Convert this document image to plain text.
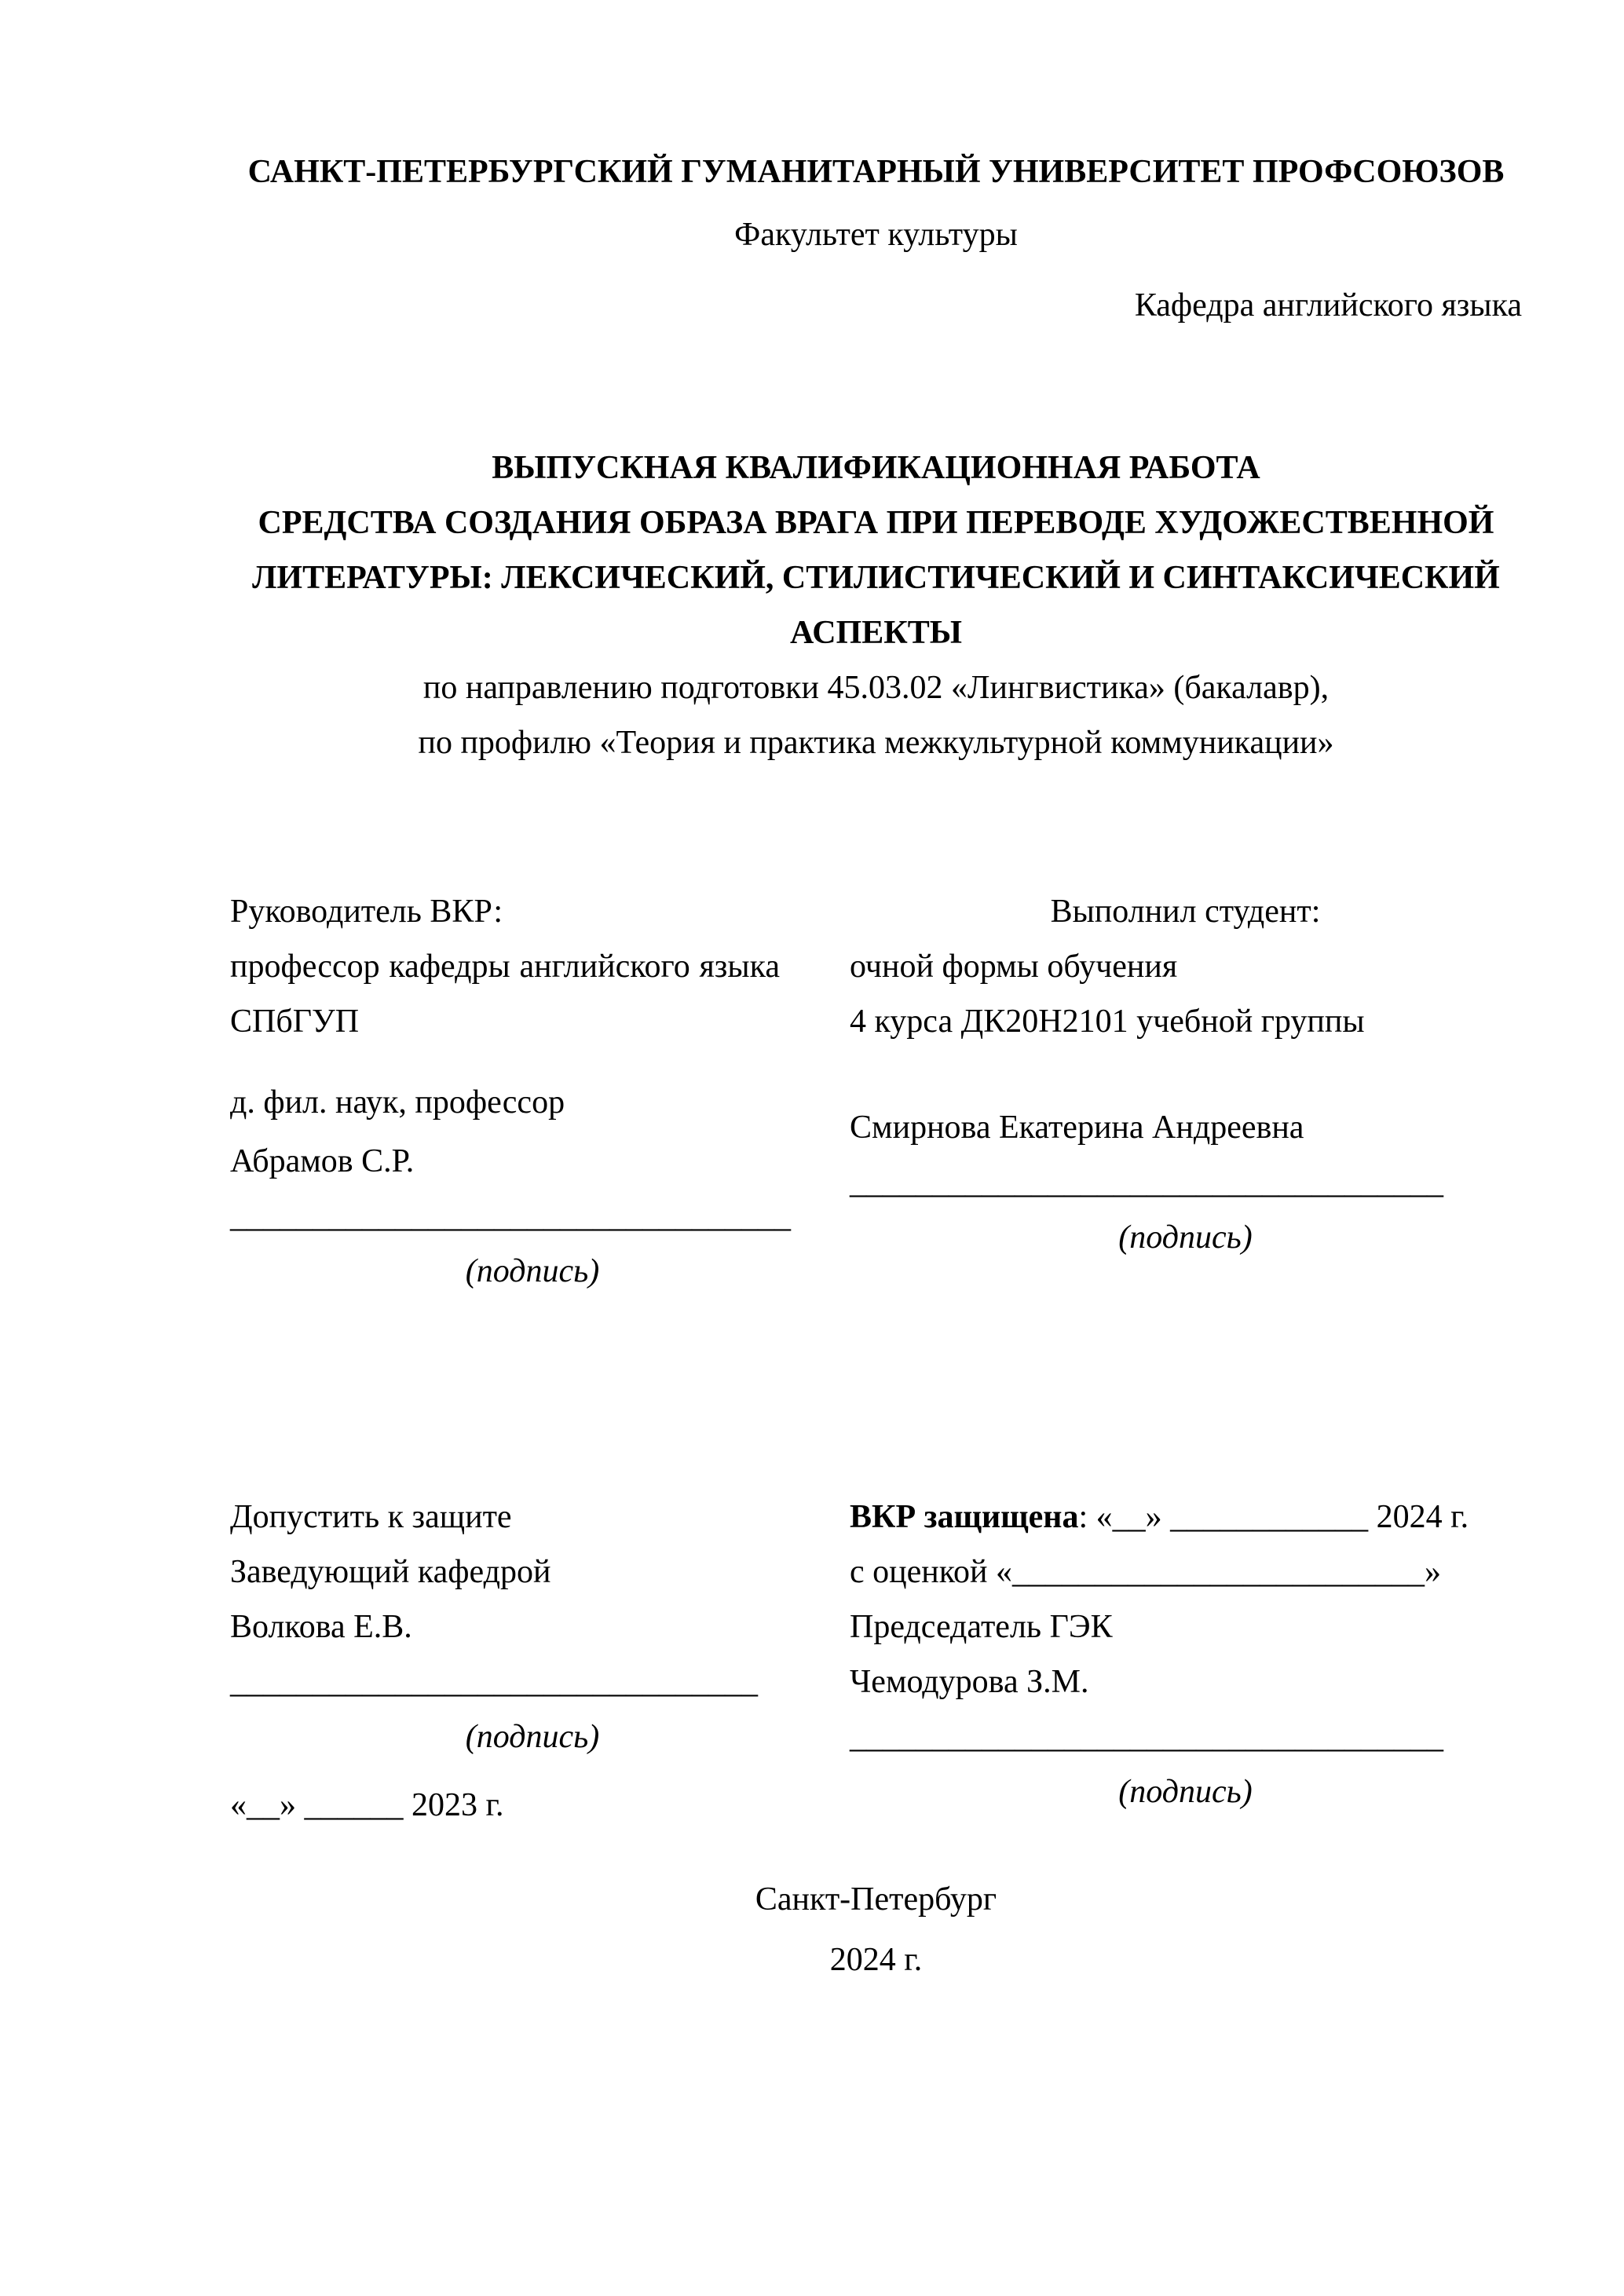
САНКТ-ПЕТЕРБУРГСКИЙ ГУМАНИТАРНЫЙ УНИВЕРСИТЕТ ПРОФСОЮЗОВ
Факультет культуры
Кафедра английского языка
ВЫПУСКНАЯ КВАЛИФИКАЦИОННАЯ РАБОТА
СРЕДСТВА СОЗДАНИЯ ОБРАЗА ВРАГА ПРИ ПЕРЕВОДЕ ХУДОЖЕСТВЕННОЙ ЛИТЕРАТУРЫ: ЛЕКСИЧЕСКИЙ, СТИЛИСТИЧЕСКИЙ И СИНТАКСИЧЕСКИЙ АСПЕКТЫ
по направлению подготовки 45.03.02 «Лингвистика» (бакалавр),
по профилю «Теория и практика межкультурной коммуникации»
Руководитель ВКР:
профессор кафедры английского языка СПбГУП
д. фил. наук, профессор
Абрамов С.Р.
__________________________________
(подпись)
Выполнил студент:
очной формы обучения
4 курса ДК20Н2101 учебной группы
Смирнова Екатерина Андреевна
____________________________________
(подпись)
Допустить к защите
Заведующий кафедрой
Волкова Е.В.
________________________________
(подпись)
«__» ______ 2023 г.
ВКР защищена: «__» ____________ 2024 г.
с оценкой «_________________________»
Председатель ГЭК
Чемодурова З.М.
____________________________________
(подпись)
Санкт-Петербург
2024 г.
